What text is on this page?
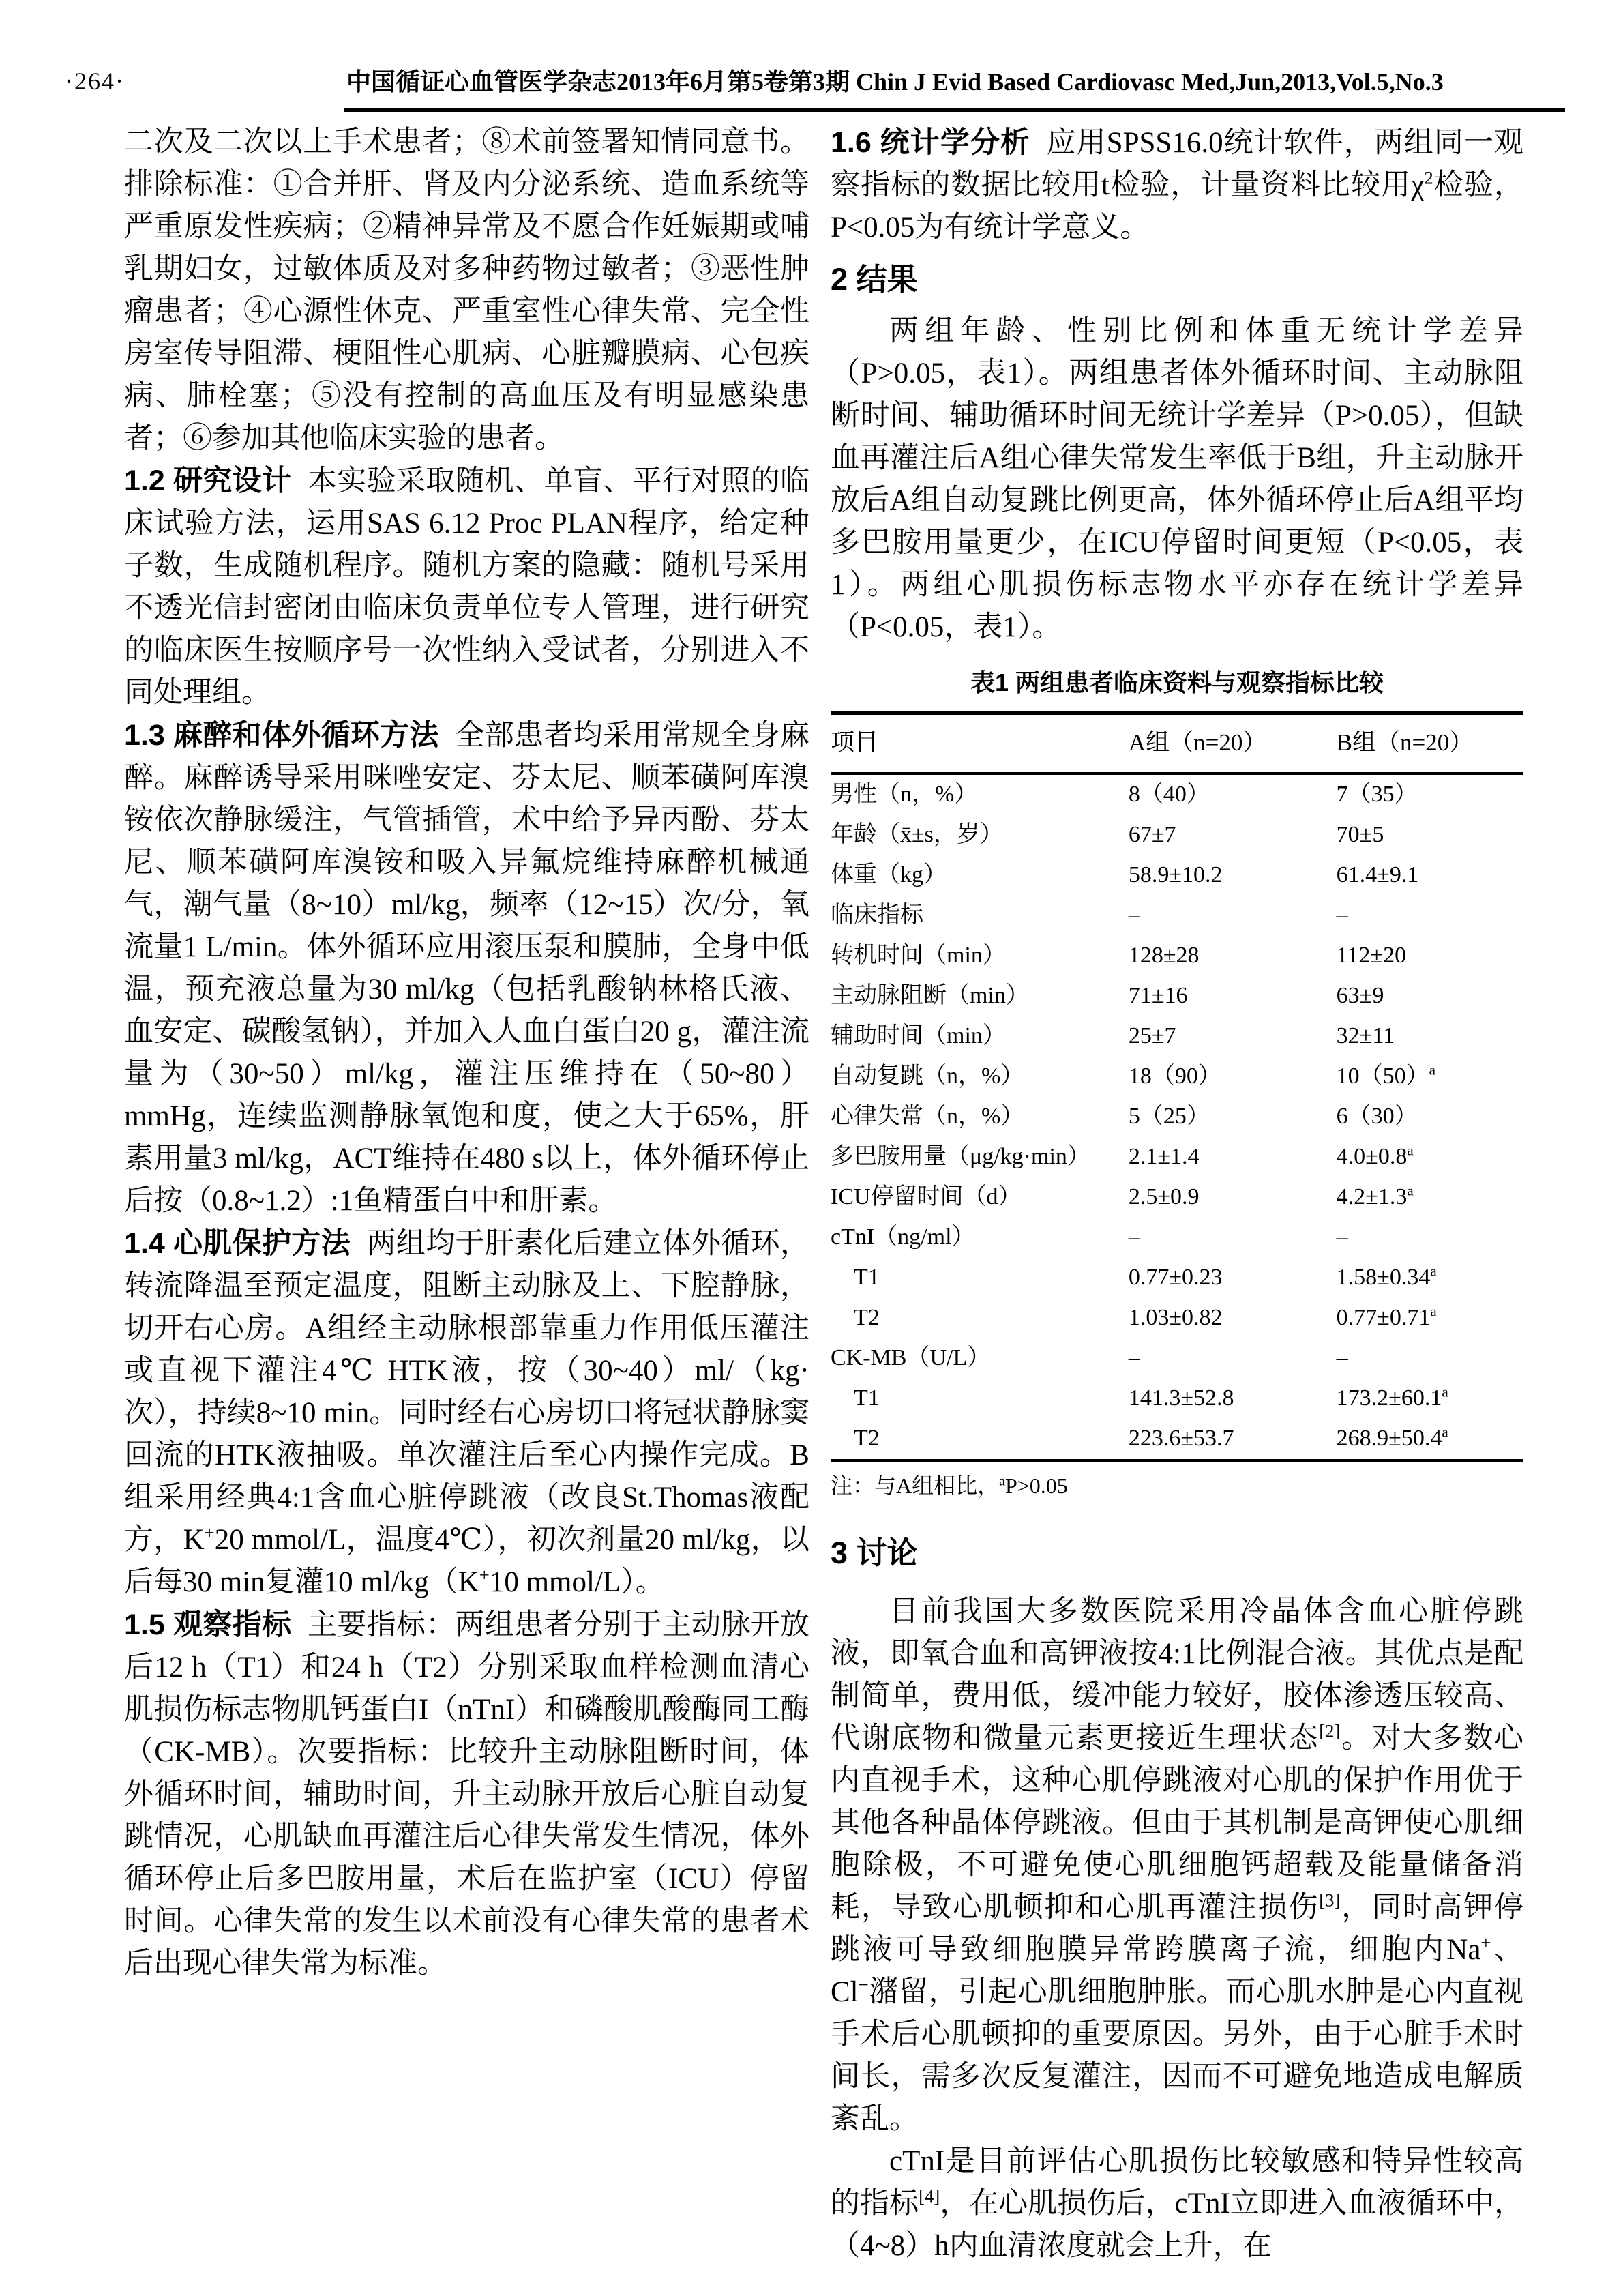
·264·	中国循证心血管医学杂志2013年6月第5卷第3期 Chin J Evid Based Cardiovasc Med,Jun,2013,Vol.5,No.3

二次及二次以上手术患者；⑧术前签署知情同意书。排除标准：①合并肝、肾及内分泌系统、造血系统等严重原发性疾病；②精神异常及不愿合作妊娠期或哺乳期妇女，过敏体质及对多种药物过敏者；③恶性肿瘤患者；④心源性休克、严重室性心律失常、完全性房室传导阻滞、梗阻性心肌病、心脏瓣膜病、心包疾病、肺栓塞；⑤没有控制的高血压及有明显感染患者；⑥参加其他临床实验的患者。

1.2 研究设计 本实验采取随机、单盲、平行对照的临床试验方法，运用SAS 6.12 Proc PLAN程序，给定种子数，生成随机程序。随机方案的隐藏：随机号采用不透光信封密闭由临床负责单位专人管理，进行研究的临床医生按顺序号一次性纳入受试者，分别进入不同处理组。

1.3 麻醉和体外循环方法 全部患者均采用常规全身麻醉。麻醉诱导采用咪唑安定、芬太尼、顺苯磺阿库溴铵依次静脉缓注，气管插管，术中给予异丙酚、芬太尼、顺苯磺阿库溴铵和吸入异氟烷维持麻醉机械通气，潮气量（8~10）ml/kg，频率（12~15）次/分，氧流量1 L/min。体外循环应用滚压泵和膜肺，全身中低温，预充液总量为30 ml/kg（包括乳酸钠林格氏液、血安定、碳酸氢钠），并加入人血白蛋白20 g，灌注流量为（30~50）ml/kg，灌注压维持在（50~80）mmHg，连续监测静脉氧饱和度，使之大于65%，肝素用量3 ml/kg，ACT维持在480 s以上，体外循环停止后按（0.8~1.2）:1鱼精蛋白中和肝素。

1.4 心肌保护方法 两组均于肝素化后建立体外循环，转流降温至预定温度，阻断主动脉及上、下腔静脉，切开右心房。A组经主动脉根部靠重力作用低压灌注或直视下灌注4℃ HTK液，按（30~40）ml/（kg·次），持续8~10 min。同时经右心房切口将冠状静脉窦回流的HTK液抽吸。单次灌注后至心内操作完成。B组采用经典4:1含血心脏停跳液（改良St.Thomas液配方，K+20 mmol/L，温度4℃），初次剂量20 ml/kg，以后每30 min复灌10 ml/kg（K+10 mmol/L）。

1.5 观察指标 主要指标：两组患者分别于主动脉开放后12 h（T1）和24 h（T2）分别采取血样检测血清心肌损伤标志物肌钙蛋白I（nTnI）和磷酸肌酸酶同工酶（CK-MB）。次要指标：比较升主动脉阻断时间，体外循环时间，辅助时间，升主动脉开放后心脏自动复跳情况，心肌缺血再灌注后心律失常发生情况，体外循环停止后多巴胺用量，术后在监护室（ICU）停留时间。心律失常的发生以术前没有心律失常的患者术后出现心律失常为标准。

1.6 统计学分析 应用SPSS16.0统计软件，两组同一观察指标的数据比较用t检验，计量资料比较用$\chi^2$检验，P<0.05为有统计学意义。

2 结果

两组年龄、性别比例和体重无统计学差异（P>0.05，表1）。两组患者体外循环时间、主动脉阻断时间、辅助循环时间无统计学差异（P>0.05），但缺血再灌注后A组心律失常发生率低于B组，升主动脉开放后A组自动复跳比例更高，体外循环停止后A组平均多巴胺用量更少，在ICU停留时间更短（P<0.05，表1）。两组心肌损伤标志物水平亦存在统计学差异（P<0.05，表1）。

表1 两组患者临床资料与观察指标比较
项目	A组（n=20）	B组（n=20）
男性（n，%）	8（40）	7（35）
年龄（x̄±s，岁）	67±7	70±5
体重（kg）	58.9±10.2	61.4±9.1
临床指标	–	–
转机时间（min）	128±28	112±20
主动脉阻断（min）	71±16	63±9
辅助时间（min）	25±7	32±11
自动复跳（n，%）	18（90）	$10(50)^a$
心律失常（n，%）	5（25）	6（30）
多巴胺用量（μg/kg·min）	2.1±1.4	4.0±0.8$^a$
ICU停留时间（d）	2.5±0.9	4.2±1.3$^a$
cTnI（ng/ml）	–	–
　T1	0.77±0.23	1.58±0.34$^a$
　T2	1.03±0.82	0.77±0.71$^a$
CK-MB（U/L）	–	–
　T1	141.3±52.8	173.2±60.1$^a$
　T2	223.6±53.7	268.9±50.4$^a$
注：与A组相比，$^a$P>0.05
3 讨论

目前我国大多数医院采用冷晶体含血心脏停跳液，即氧合血和高钾液按4:1比例混合液。其优点是配制简单，费用低，缓冲能力较好，胶体渗透压较高、代谢底物和微量元素更接近生理状态[2]。对大多数心内直视手术，这种心肌停跳液对心肌的保护作用优于其他各种晶体停跳液。但由于其机制是高钾使心肌细胞除极，不可避免使心肌细胞钙超载及能量储备消耗，导致心肌顿抑和心肌再灌注损伤[3]，同时高钾停跳液可导致细胞膜异常跨膜离子流，细胞内Na+、Cl−潴留，引起心肌细胞肿胀。而心肌水肿是心内直视手术后心肌顿抑的重要原因。另外，由于心脏手术时间长，需多次反复灌注，因而不可避免地造成电解质紊乱。

cTnI是目前评估心肌损伤比较敏感和特异性较高的指标[4]，在心肌损伤后，cTnI立即进入血液循环中，（4~8）h内血清浓度就会上升，在
